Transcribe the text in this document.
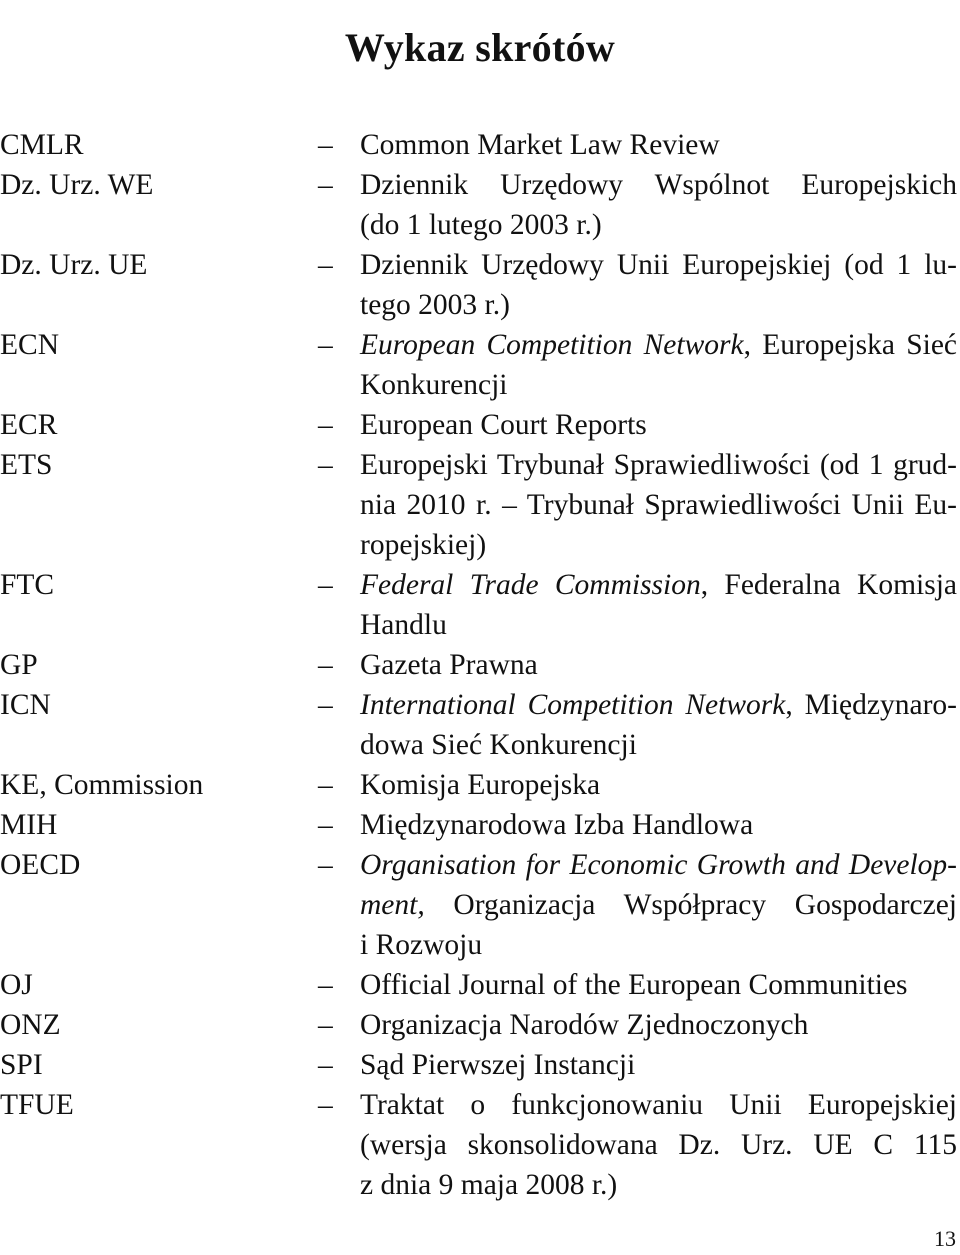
Wykaz skrótów
CMLR	– Common Market Law Review
Dz. Urz. WE	– Dziennik Urzędowy Wspólnot Europejskich
(do 1 lutego 2003 r.)
Dz. Urz. UE	– Dziennik Urzędowy Unii Europejskiej (od 1 lu-
tego 2003 r.)
ECN	– European Competition Network, Europejska Sieć
Konkurencji
ECR	– European Court Reports
ETS	– Europejski Trybunał Sprawiedliwości (od 1 grud-
nia 2010 r. – Trybunał Sprawiedliwości Unii Eu-
ropejskiej)
FTC	– Federal Trade Commission, Federalna Komisja
Handlu
GP	– Gazeta Prawna
ICN	– International Competition Network, Międzynaro-
dowa Sieć Konkurencji
KE, Commission	– Komisja Europejska
MIH	– Międzynarodowa Izba Handlowa
OECD	– Organisation for Economic Growth and Develop-
ment, Organizacja Współpracy Gospodarczej
i Rozwoju
OJ	– Official Journal of the European Communities
ONZ	– Organizacja Narodów Zjednoczonych
SPI	– Sąd Pierwszej Instancji
TFUE	– Traktat o funkcjonowaniu Unii Europejskiej
(wersja skonsolidowana Dz. Urz. UE C 115
z dnia 9 maja 2008 r.)
13
